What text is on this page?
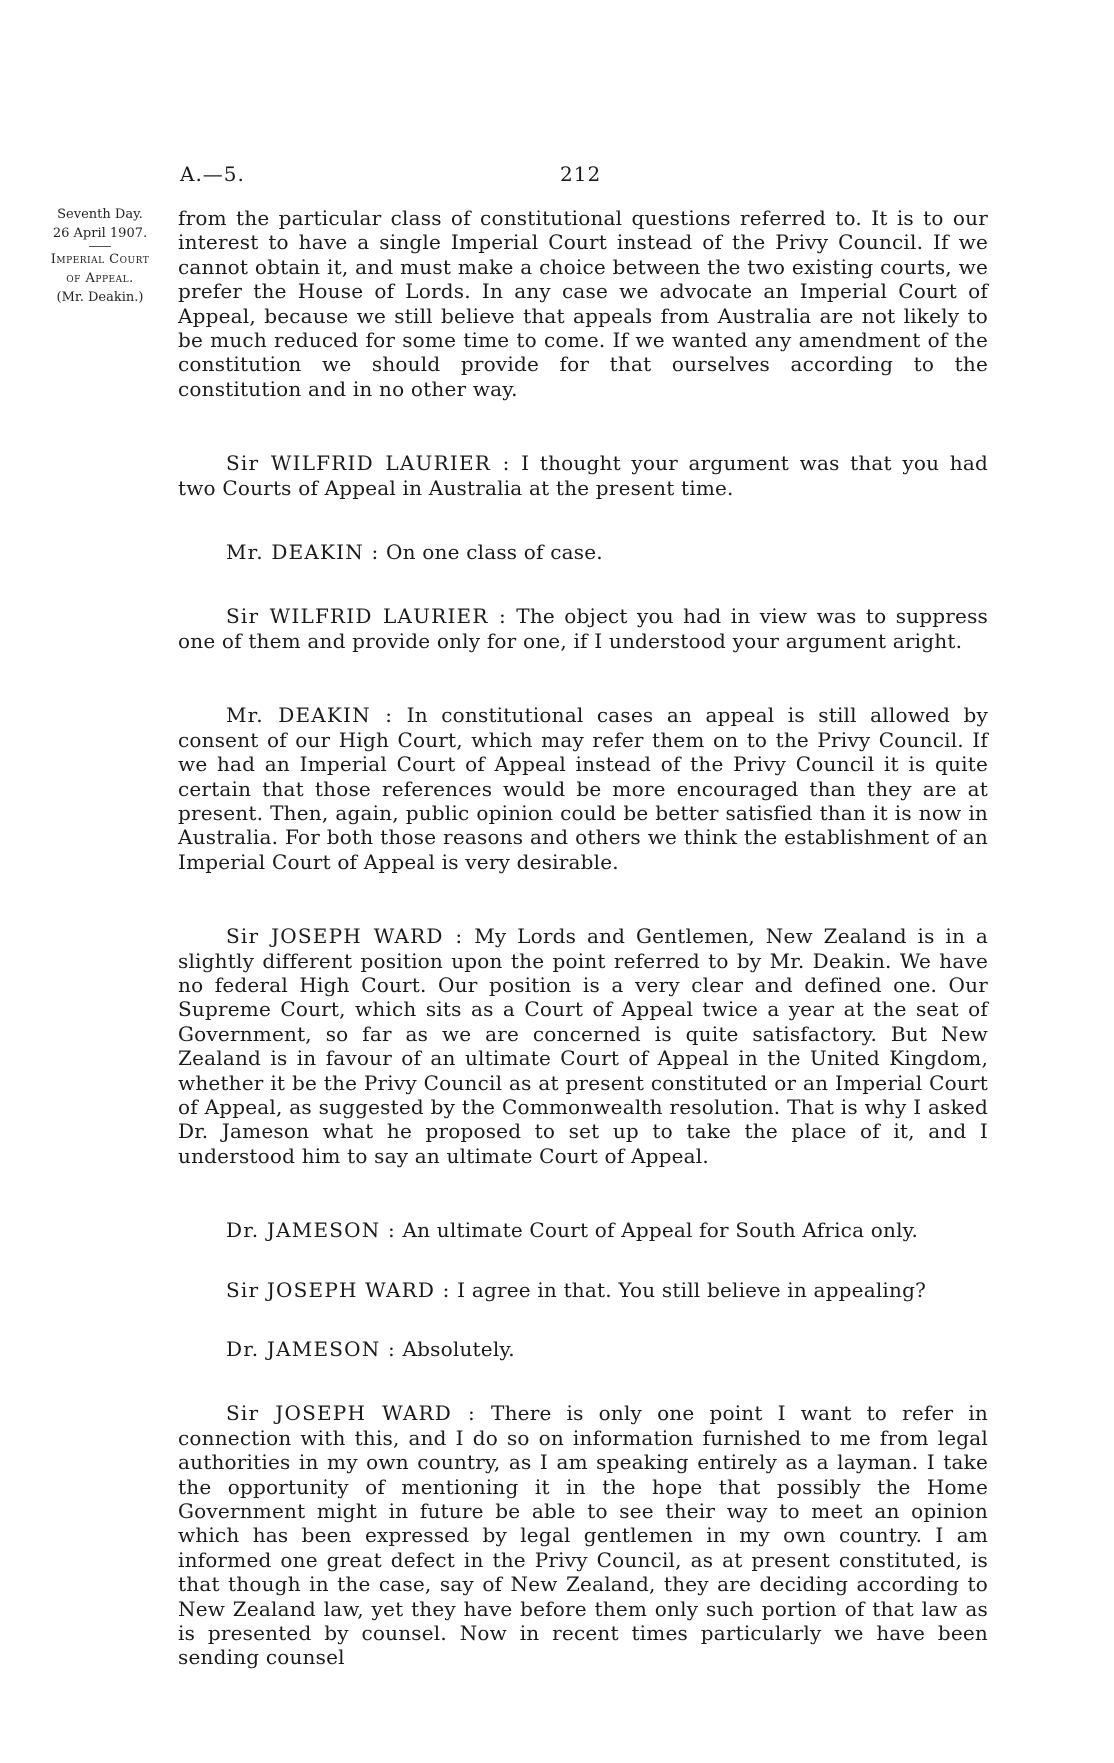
A.—5.	212
Seventh Day.
26 April 1907.
Imperial Court
of Appeal.
(Mr. Deakin.)

from the particular class of constitutional questions referred to. It is to our interest to have a single Imperial Court instead of the Privy Council. If we cannot obtain it, and must make a choice between the two existing courts, we prefer the House of Lords. In any case we advocate an Imperial Court of Appeal, because we still believe that appeals from Australia are not likely to be much reduced for some time to come. If we wanted any amendment of the constitution we should provide for that ourselves according to the constitution and in no other way.

Sir WILFRID LAURIER : I thought your argument was that you had two Courts of Appeal in Australia at the present time.

Mr. DEAKIN : On one class of case.

Sir WILFRID LAURIER : The object you had in view was to suppress one of them and provide only for one, if I understood your argument aright.

Mr. DEAKIN : In constitutional cases an appeal is still allowed by consent of our High Court, which may refer them on to the Privy Council. If we had an Imperial Court of Appeal instead of the Privy Council it is quite certain that those references would be more encouraged than they are at present. Then, again, public opinion could be better satisfied than it is now in Australia. For both those reasons and others we think the establishment of an Imperial Court of Appeal is very desirable.

Sir JOSEPH WARD : My Lords and Gentlemen, New Zealand is in a slightly different position upon the point referred to by Mr. Deakin. We have no federal High Court. Our position is a very clear and defined one. Our Supreme Court, which sits as a Court of Appeal twice a year at the seat of Government, so far as we are concerned is quite satisfactory. But New Zealand is in favour of an ultimate Court of Appeal in the United Kingdom, whether it be the Privy Council as at present constituted or an Imperial Court of Appeal, as suggested by the Commonwealth resolution. That is why I asked Dr. Jameson what he proposed to set up to take the place of it, and I understood him to say an ultimate Court of Appeal.

Dr. JAMESON : An ultimate Court of Appeal for South Africa only.

Sir JOSEPH WARD : I agree in that. You still believe in appealing?

Dr. JAMESON : Absolutely.

Sir JOSEPH WARD : There is only one point I want to refer in connection with this, and I do so on information furnished to me from legal authorities in my own country, as I am speaking entirely as a layman. I take the opportunity of mentioning it in the hope that possibly the Home Government might in future be able to see their way to meet an opinion which has been expressed by legal gentlemen in my own country. I am informed one great defect in the Privy Council, as at present constituted, is that though in the case, say of New Zealand, they are deciding according to New Zealand law, yet they have before them only such portion of that law as is presented by counsel. Now in recent times particularly we have been sending counsel
